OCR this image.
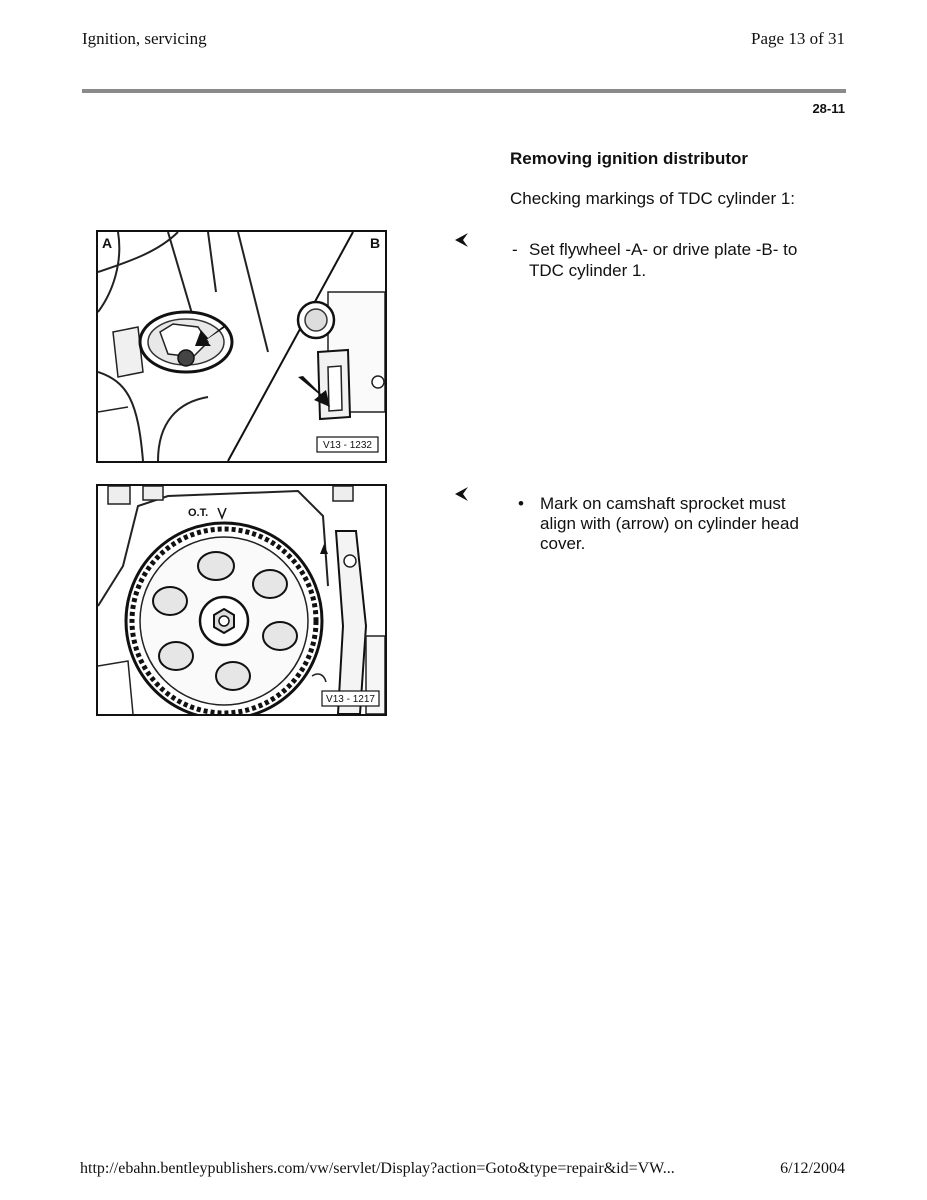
Ignition, servicing	Page 13 of 31
28-11
Removing ignition distributor
Checking markings of TDC cylinder 1:
A	B
V13 - 1232
O.T.
V13 - 1217
- Set flywheel -A- or drive plate -B- to TDC cylinder 1.
• Mark on camshaft sprocket must align with (arrow) on cylinder head cover.
http://ebahn.bentleypublishers.com/vw/servlet/Display?action=Goto&type=repair&id=VW...	6/12/2004
